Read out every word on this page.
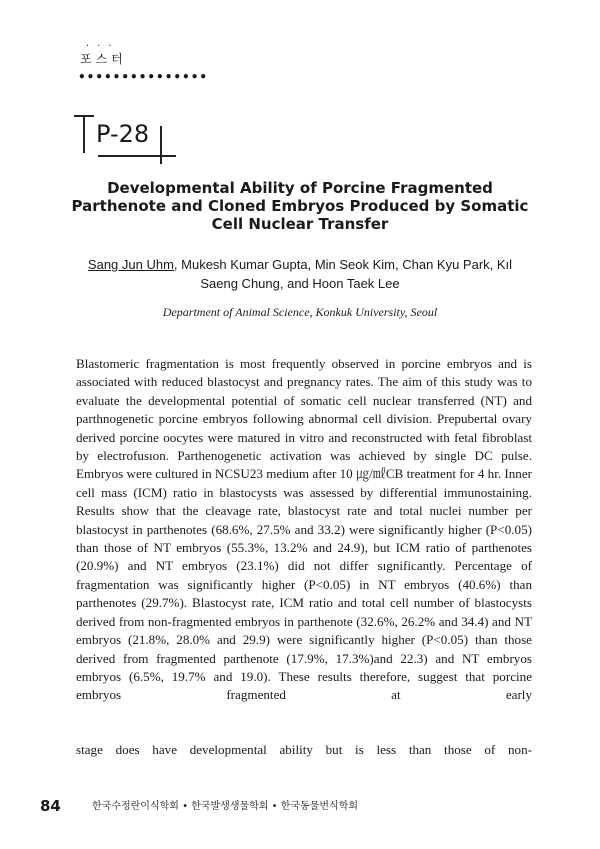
···
포스터
•••••••••••••••
P-28
Developmental Ability of Porcine Fragmented Parthenote and Cloned Embryos Produced by Somatic Cell Nuclear Transfer

Sang Jun Uhm, Mukesh Kumar Gupta, Min Seok Kim, Chan Kyu Park, Kıl Saeng Chung, and Hoon Taek Lee

Department of Animal Science, Konkuk University, Seoul

Blastomeric fragmentation is most frequently observed in porcine embryos and is associated with reduced blastocyst and pregnancy rates. The aim of this study was to evaluate the developmental potential of somatic cell nuclear transferred (NT) and parthnogenetic porcine embryos following abnormal cell division. Prepubertal ovary derived porcine oocytes were matured in vitro and reconstructed with fetal fibroblast by electrofusıon. Parthenogenetic activation was achieved by single DC pulse. Embryos were cultured in NCSU23 medium after 10 ㎍/㎖CB treatment for 4 hr. Inner cell mass (ICM) ratio in blastocysts was assessed by differential immunostaining. Results show that the cleavage rate, blastocyst rate and total nuclei number per blastocyst in parthenotes (68.6%, 27.5% and 33.2) were significantly higher (P<0.05) than those of NT embryos (55.3%, 13.2% and 24.9), but ICM ratio of parthenotes (20.9%) and NT embryos (23.1%) did not differ sıgnificantly. Percentage of fragmentation was significantly higher (P<0.05) in NT embryos (40.6%) than parthenotes (29.7%). Blastocyst rate, ICM ratio and total cell number of blastocysts derived from non-fragmented embryos in parthenote (32.6%, 26.2% and 34.4) and NT embryos (21.8%, 28.0% and 29.9) were significantly higher (P<0.05) than those derived from fragmented parthenote (17.9%, 17.3%)and 22.3) and NT embryos embryos (6.5%, 19.7% and 19.0). These results therefore, suggest that porcine embryos fragmented at early

stage does have developmental ability but is less than those of non-

84	한국수정란이식학회 • 한국발생생물학회 • 한국동물번식학회
